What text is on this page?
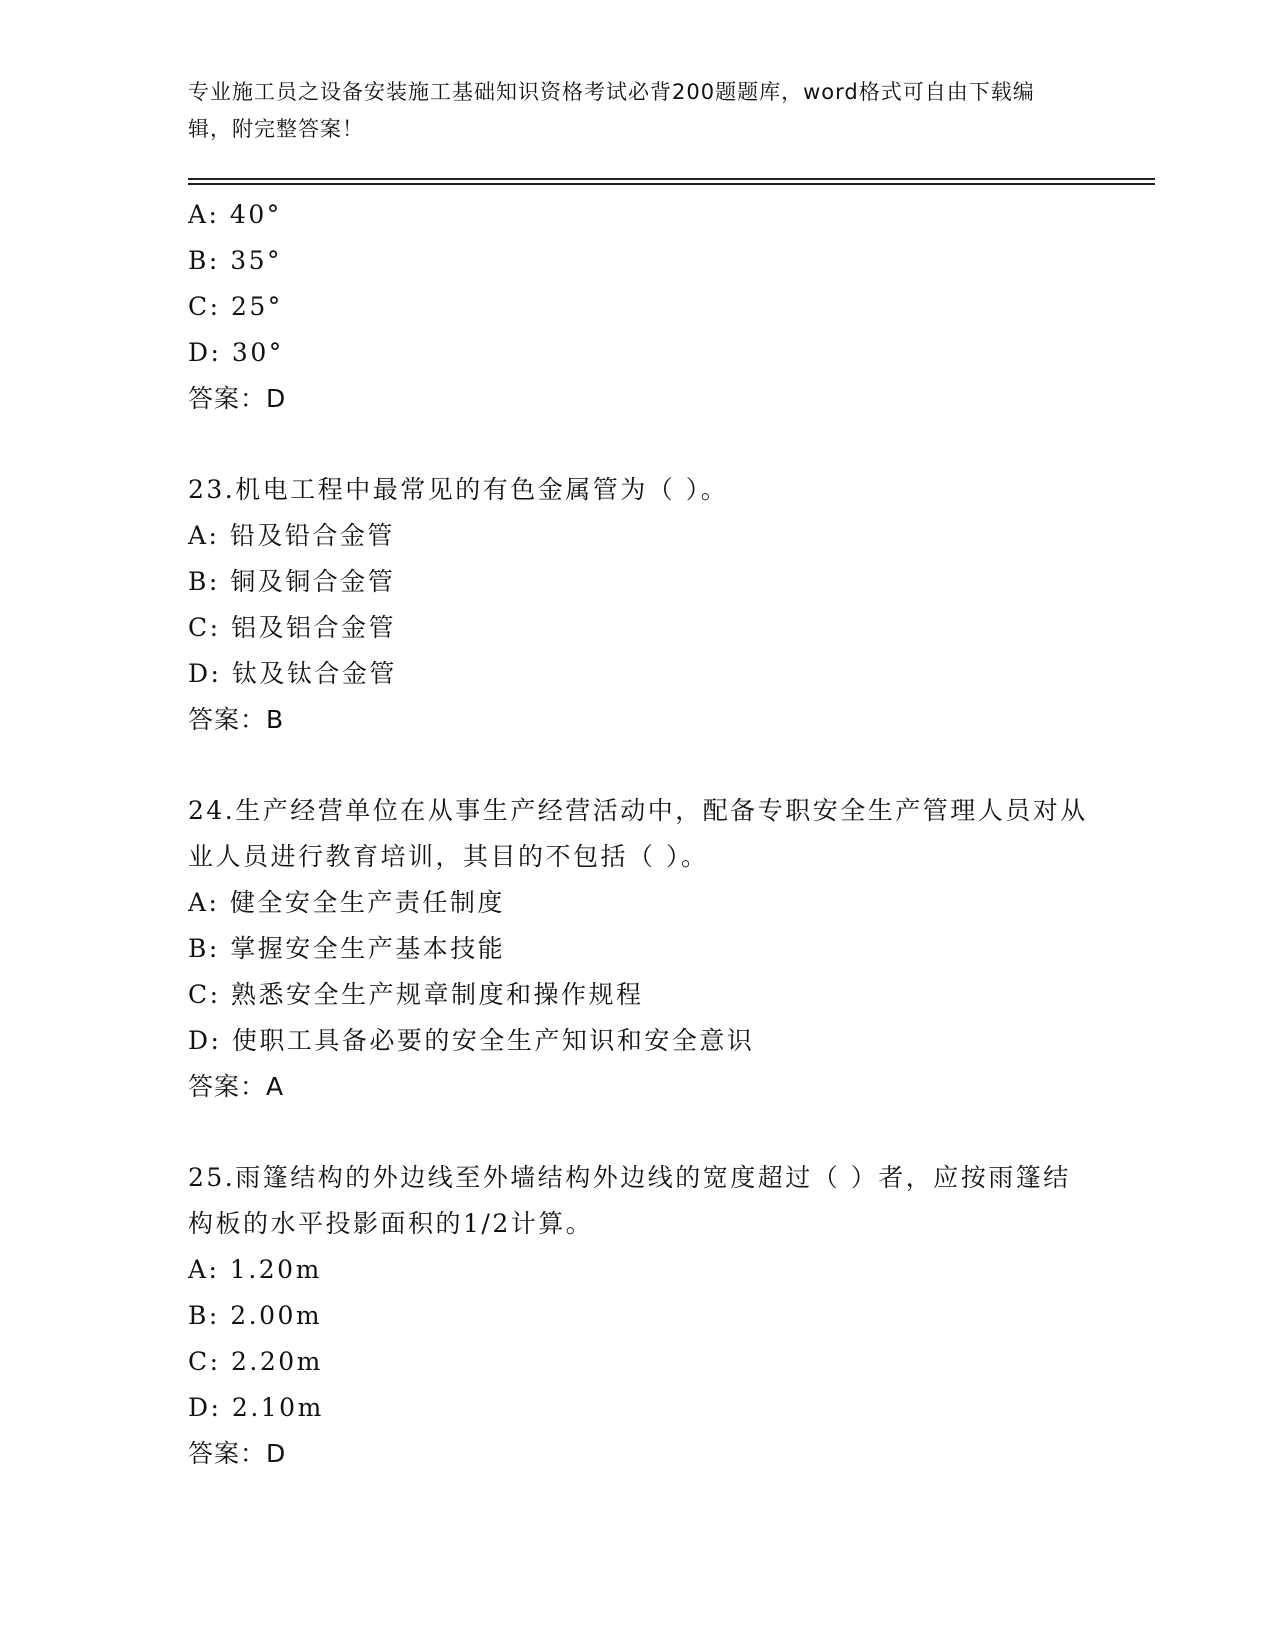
专业施工员之设备安装施工基础知识资格考试必背200题题库，word格式可自由下载编辑，附完整答案！
A: 40°
B: 35°
C: 25°
D: 30°
答案：D
23.机电工程中最常见的有色金属管为（ ）。
A: 铅及铅合金管
B: 铜及铜合金管
C: 铝及铝合金管
D: 钛及钛合金管
答案：B
24.生产经营单位在从事生产经营活动中，配备专职安全生产管理人员对从业人员进行教育培训，其目的不包括（ ）。
A: 健全安全生产责任制度
B: 掌握安全生产基本技能
C: 熟悉安全生产规章制度和操作规程
D: 使职工具备必要的安全生产知识和安全意识
答案：A
25.雨篷结构的外边线至外墙结构外边线的宽度超过（ ）者，应按雨篷结构板的水平投影面积的1/2计算。
A: 1.20m
B: 2.00m
C: 2.20m
D: 2.10m
答案：D
